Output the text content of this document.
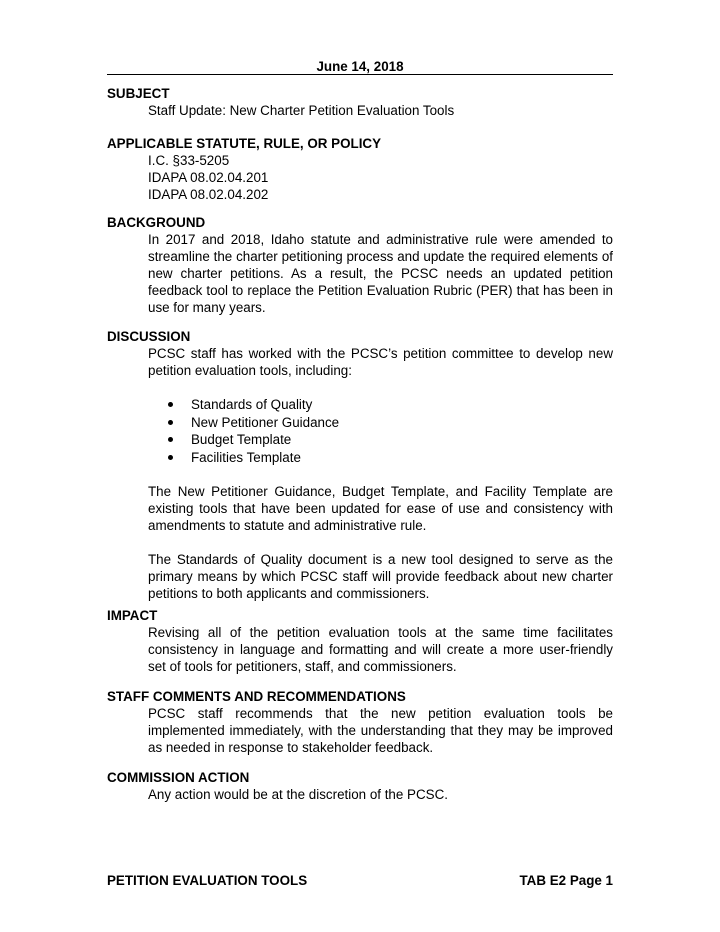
June 14, 2018
SUBJECT

Staff Update: New Charter Petition Evaluation Tools

APPLICABLE STATUTE, RULE, OR POLICY
I.C. §33-5205
IDAPA 08.02.04.201
IDAPA 08.02.04.202
BACKGROUND

In 2017 and 2018, Idaho statute and administrative rule were amended to streamline the charter petitioning process and update the required elements of new charter petitions. As a result, the PCSC needs an updated petition feedback tool to replace the Petition Evaluation Rubric (PER) that has been in use for many years.

DISCUSSION

PCSC staff has worked with the PCSC’s petition committee to develop new petition evaluation tools, including:

Standards of Quality
New Petitioner Guidance
Budget Template
Facilities Template

The New Petitioner Guidance, Budget Template, and Facility Template are existing tools that have been updated for ease of use and consistency with amendments to statute and administrative rule.

The Standards of Quality document is a new tool designed to serve as the primary means by which PCSC staff will provide feedback about new charter petitions to both applicants and commissioners.

IMPACT

Revising all of the petition evaluation tools at the same time facilitates consistency in language and formatting and will create a more user-friendly set of tools for petitioners, staff, and commissioners.

STAFF COMMENTS AND RECOMMENDATIONS

PCSC staff recommends that the new petition evaluation tools be implemented immediately, with the understanding that they may be improved as needed in response to stakeholder feedback.

COMMISSION ACTION

Any action would be at the discretion of the PCSC.

PETITION EVALUATION TOOLS	TAB E2 Page 1
